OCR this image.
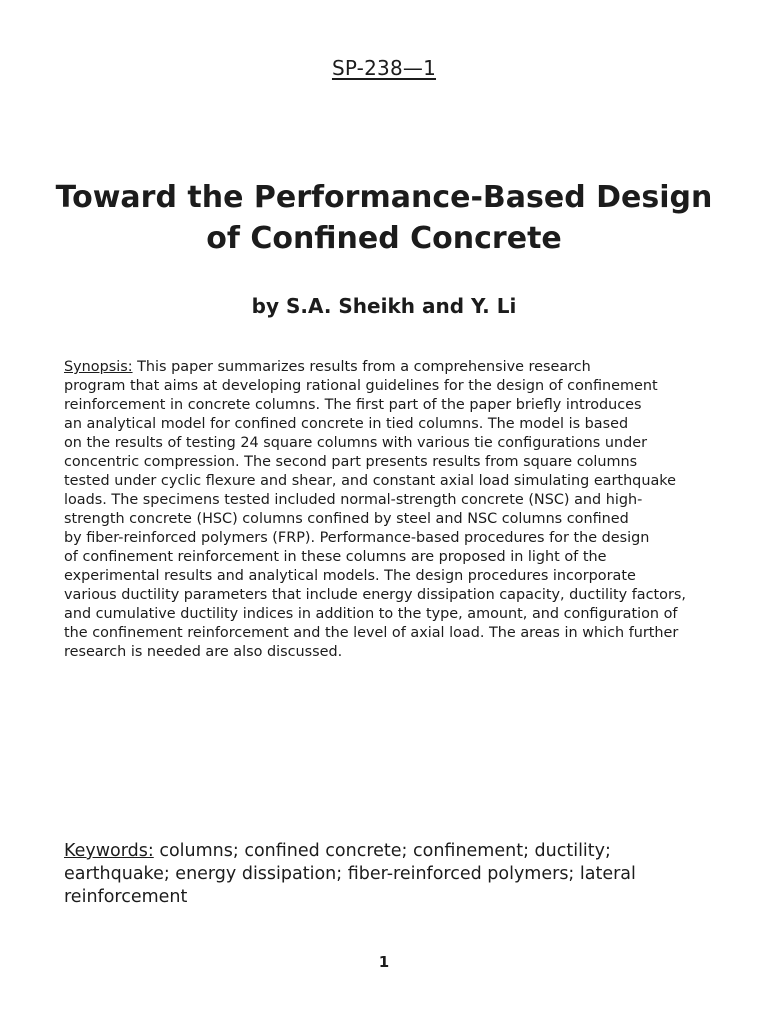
SP-238—1
Toward the Performance-Based Design
of Confined Concrete
by S.A. Sheikh and Y. Li
Synopsis: This paper summarizes results from a comprehensive research
program that aims at developing rational guidelines for the design of confinement
reinforcement in concrete columns. The first part of the paper briefly introduces
an analytical model for confined concrete in tied columns. The model is based
on the results of testing 24 square columns with various tie configurations under
concentric compression. The second part presents results from square columns
tested under cyclic flexure and shear, and constant axial load simulating earthquake
loads. The specimens tested included normal-strength concrete (NSC) and high-
strength concrete (HSC) columns confined by steel and NSC columns confined
by fiber-reinforced polymers (FRP). Performance-based procedures for the design
of confinement reinforcement in these columns are proposed in light of the
experimental results and analytical models. The design procedures incorporate
various ductility parameters that include energy dissipation capacity, ductility factors,
and cumulative ductility indices in addition to the type, amount, and configuration of
the confinement reinforcement and the level of axial load. The areas in which further
research is needed are also discussed.
Keywords: columns; confined concrete; confinement; ductility;
earthquake; energy dissipation; fiber-reinforced polymers; lateral
reinforcement
1
